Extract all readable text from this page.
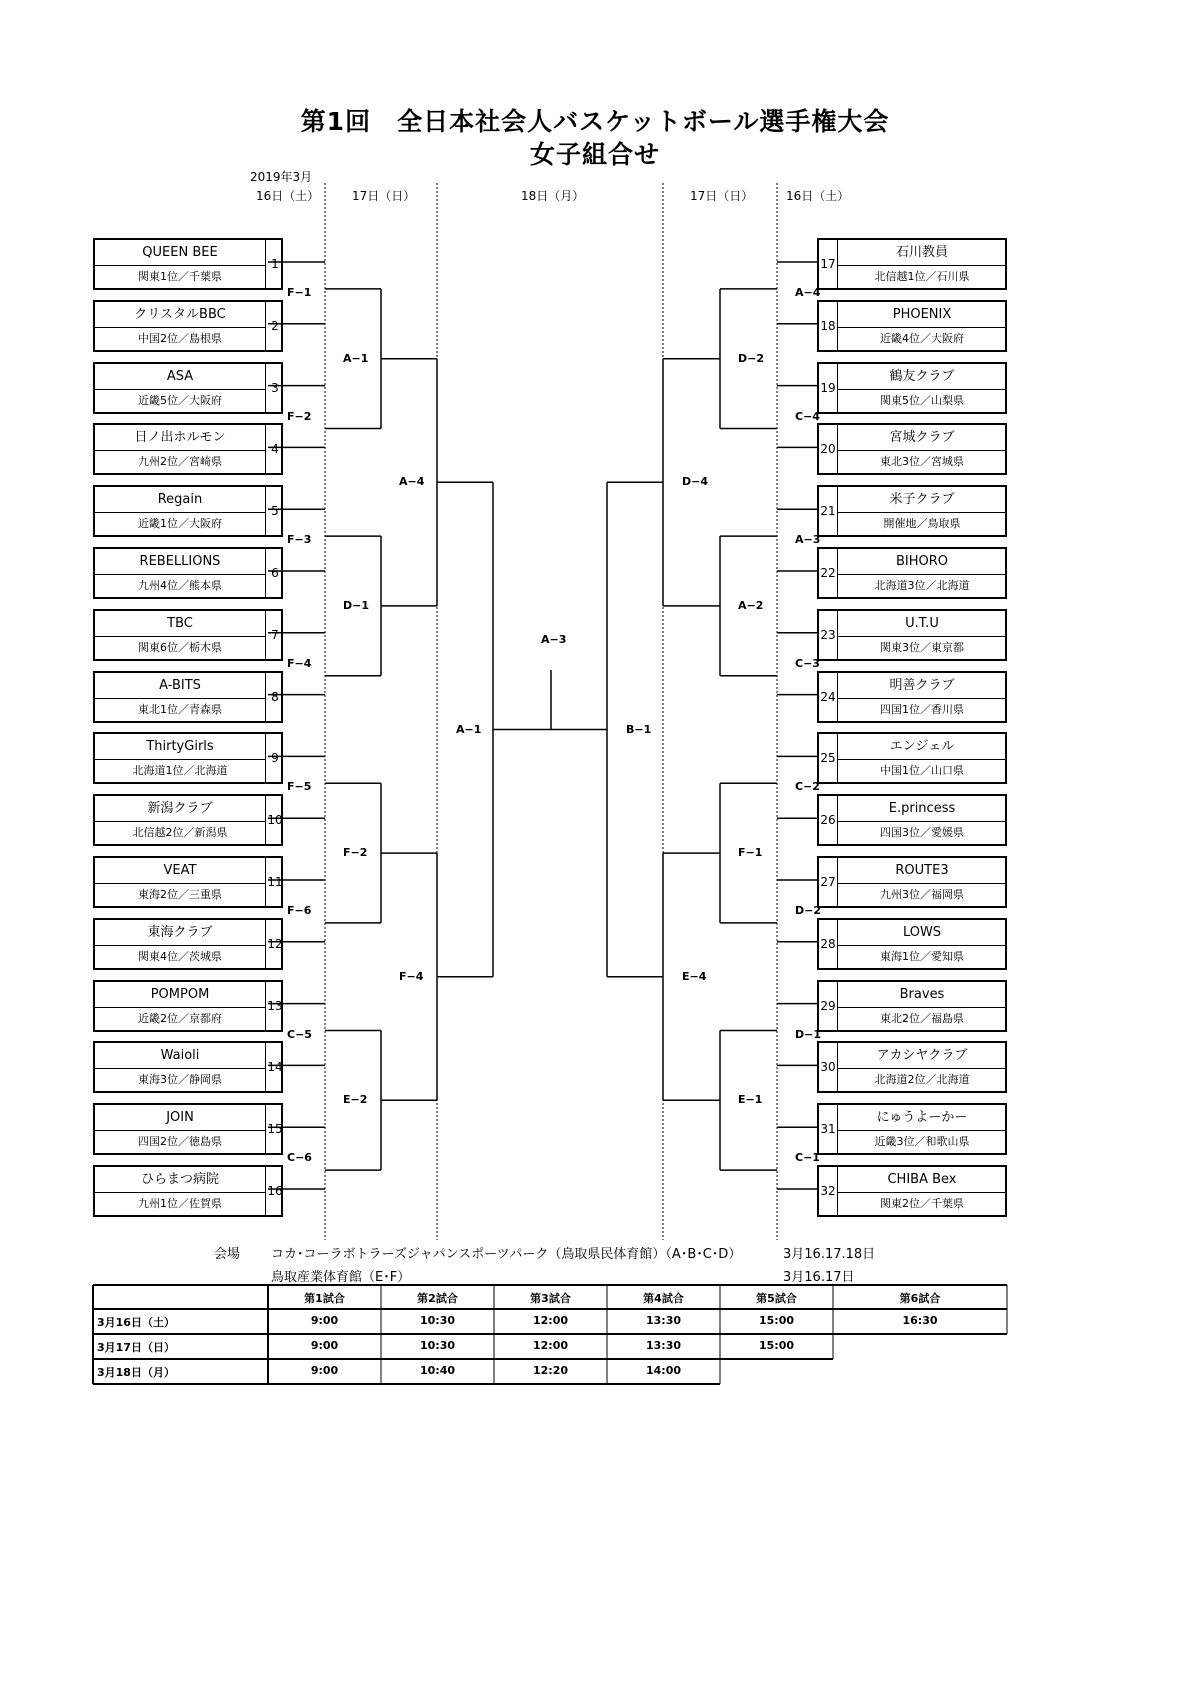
第1回　全日本社会人バスケットボール選手権大会
女子組合せ
2019年3月
16日（土）	17日（日）	18日（月）	17日（日）	16日（土）
QUEEN BEE
関東1位／千葉県
1
クリスタルBBC
中国2位／島根県
2
ASA
近畿5位／大阪府
3
日ノ出ホルモン
九州2位／宮崎県
4
Regain
近畿1位／大阪府
5
REBELLIONS
九州4位／熊本県
6
TBC
関東6位／栃木県
7
A-BITS
東北1位／青森県
8
ThirtyGirls
北海道1位／北海道
9
新潟クラブ
北信越2位／新潟県
10
VEAT
東海2位／三重県
11
東海クラブ
関東4位／茨城県
12
POMPOM
近畿2位／京都府
13
Waioli
東海3位／静岡県
14
JOIN
四国2位／徳島県
15
ひらまつ病院
九州1位／佐賀県
16
石川教員
北信越1位／石川県
17
PHOENIX
近畿4位／大阪府
18
鶴友クラブ
関東5位／山梨県
19
宮城クラブ
東北3位／宮城県
20
米子クラブ
開催地／鳥取県
21
BIHORO
北海道3位／北海道
22
U.T.U
関東3位／東京都
23
明善クラブ
四国1位／香川県
24
エンジェル
中国1位／山口県
25
E.princess
四国3位／愛媛県
26
ROUTE3
九州3位／福岡県
27
LOWS
東海1位／愛知県
28
Braves
東北2位／福島県
29
アカシヤクラブ
北海道2位／北海道
30
にゅうよーかー
近畿3位／和歌山県
31
CHIBA Bex
関東2位／千葉県
32
F−1
F−2
F−3
F−4
F−5
F−6
C−5
C−6
A−1
D−1
F−2
E−2
A−4
F−4
A−1
A−3
B−1
D−4
E−4
D−2
A−2
F−1
E−1
A−4
C−4
A−3
C−3
C−2
D−2
D−1
C−1
会場 コカ･コーラボトラーズジャパンスポーツパーク（鳥取県民体育館）（A･B･C･D）	3月16.17.18日
鳥取産業体育館（E･F）	3月16.17日
第1試合	第2試合	第3試合	第4試合	第5試合	第6試合
3月16日（土）	9:00	10:30	12:00	13:30	15:00	16:30
3月17日（日）	9:00	10:30	12:00	13:30	15:00
3月18日（月）	9:00	10:40	12:20	14:00
